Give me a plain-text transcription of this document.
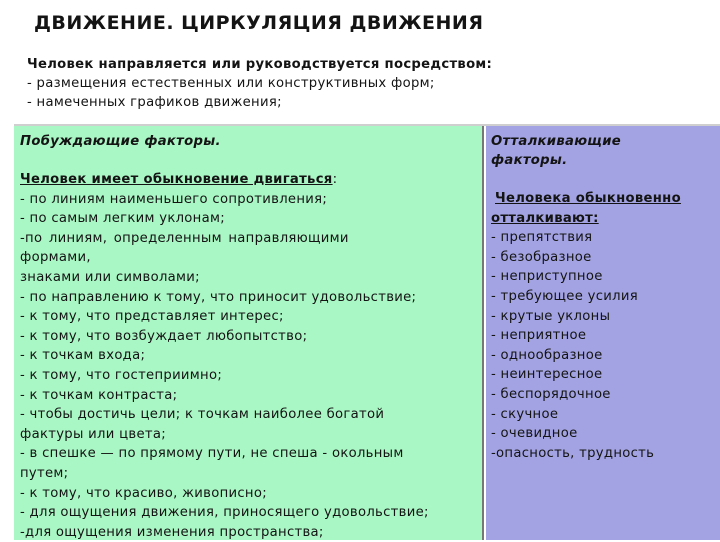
ДВИЖЕНИЕ. ЦИРКУЛЯЦИЯ ДВИЖЕНИЯ
Человек направляется или руководствуется посредством:
- размещения естественных или конструктивных форм;
- намеченных графиков движения;
Побуждающие факторы.
Человек имеет обыкновение двигаться:
- по линиям наименьшего сопротивления;
- по самым легким уклонам;
-по линиям, определенным направляющими
формами,
знаками или символами;
- по направлению к тому, что приносит удовольствие;
- к тому, что представляет интерес;
- к тому, что возбуждает любопытство;
- к точкам входа;
- к тому, что гостеприимно;
- к точкам контраста;
- чтобы достичь цели; к точкам наиболее богатой
фактуры или цвета;
- в спешке — по прямому пути, не спеша - окольным
путем;
- к тому, что красиво, живописно;
- для ощущения движения, приносящего удовольствие;
-для ощущения изменения пространства;
Отталкивающие
факторы.
Человека обыкновенно
отталкивают:
- препятствия
- безобразное
- неприступное
- требующее усилия
- крутые уклоны
- неприятное
- однообразное
- неинтересное
- беспорядочное
- скучное
- очевидное
-опасность, трудность
